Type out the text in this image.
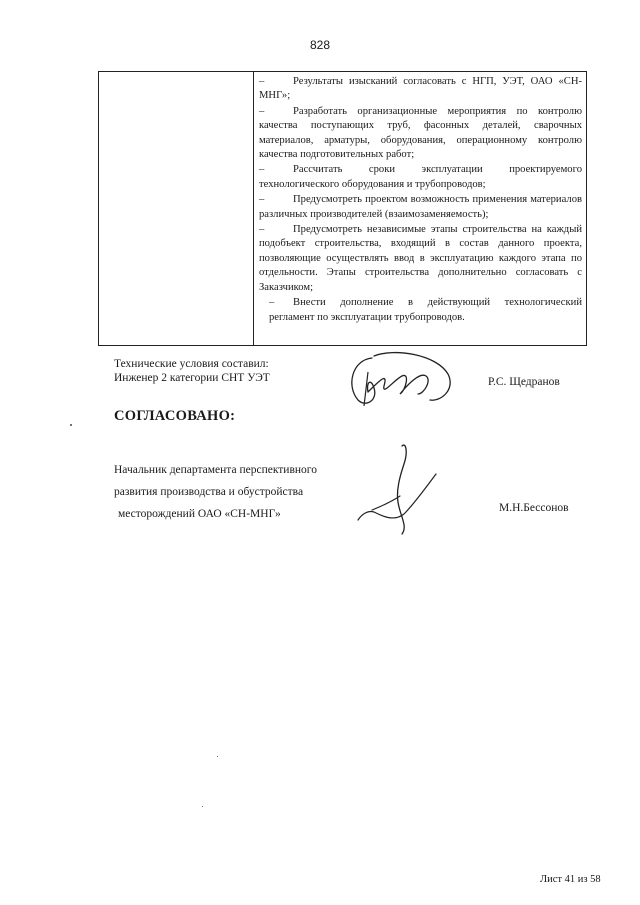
828
–	Результаты изысканий согласовать с НГП, УЭТ, ОАО «СН-МНГ»;
–	Разработать организационные мероприятия по контролю качества поступающих труб, фасонных деталей, сварочных материалов, арматуры, оборудования, операционному контролю качества подготовительных работ;
–	Рассчитать сроки эксплуатации проектируемого технологического оборудования и трубопроводов;
–	Предусмотреть проектом возможность применения материалов различных производителей (взаимозаменяемость);
–	Предусмотреть независимые этапы строительства на каждый подобъект строительства, входящий в состав данного проекта, позволяющие осуществлять ввод в эксплуатацию каждого этапа по отдельности. Этапы строительства дополнительно согласовать с Заказчиком;
– Внести дополнение в действующий технологический регламент по эксплуатации трубопроводов.
Технические условия составил:
Инженер 2 категории СНТ УЭТ	Р.С. Щедранов
СОГЛАСОВАНО:
Начальник департамента перспективного
развития производства и обустройства
месторождений ОАО «СН-МНГ»	М.Н.Бессонов
Лист 41 из 58
